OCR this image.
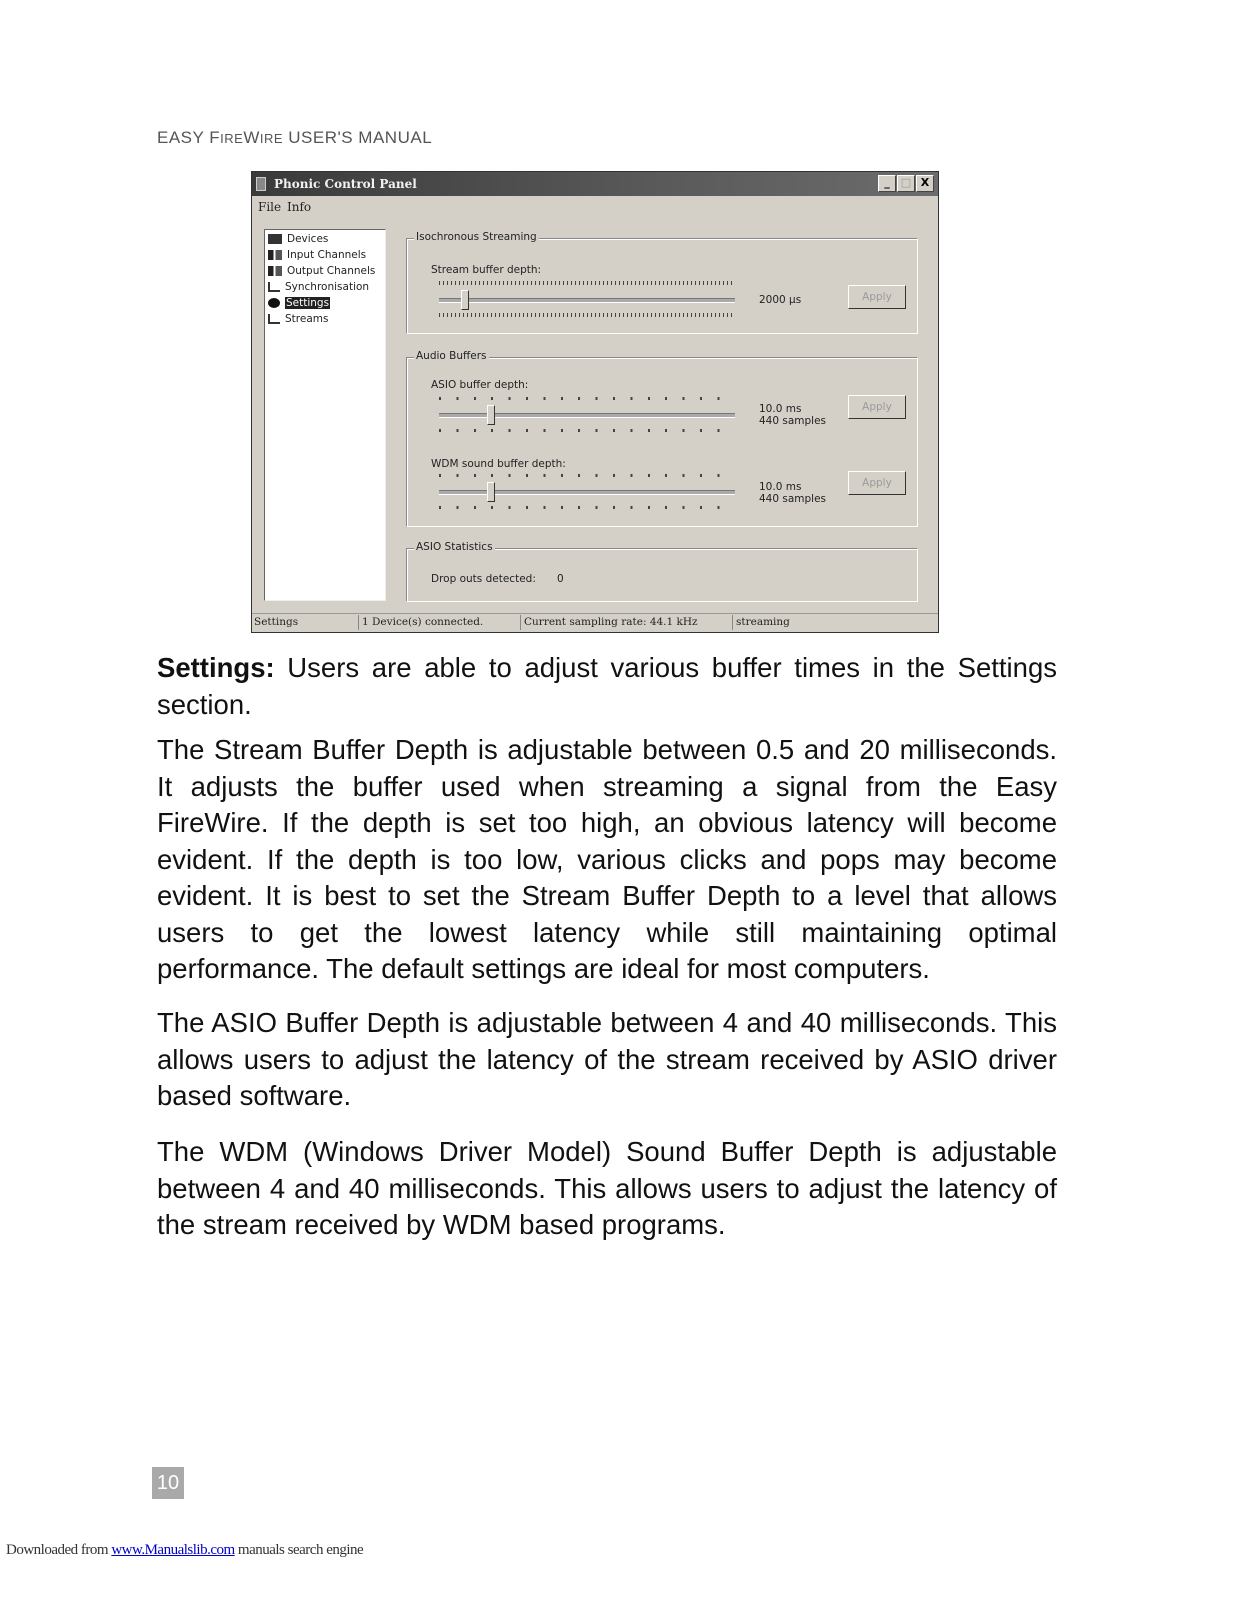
EASY FIREWIRE USER'S MANUAL
Phonic Control Panel	_	□ X
File Info
Devices
Input Channels
Output Channels
Synchronisation
Settings
Streams
Isochronous Streaming
Stream buffer depth:
2000 µs	Apply
Audio Buffers
ASIO buffer depth:
10.0 ms
440 samples
Apply
WDM sound buffer depth:
10.0 ms
440 samples
Apply
ASIO Statistics
Drop outs detected: 0
Settings	1 Device(s) connected.	Current sampling rate: 44.1 kHz	streaming

Settings: Users are able to adjust various buffer times in the Settings section.

The Stream Buffer Depth is adjustable between 0.5 and 20 milliseconds. It adjusts the buffer used when streaming a signal from the Easy FireWire. If the depth is set too high, an obvious latency will become evident. If the depth is too low, various clicks and pops may become evident. It is best to set the Stream Buffer Depth to a level that allows users to get the lowest latency while still maintaining optimal performance. The default settings are ideal for most computers.

The ASIO Buffer Depth is adjustable between 4 and 40 milliseconds. This allows users to adjust the latency of the stream received by ASIO driver based software.

The WDM (Windows Driver Model) Sound Buffer Depth is adjustable between 4 and 40 milliseconds. This allows users to adjust the latency of the stream received by WDM based programs.

10
Downloaded from www.Manualslib.com manuals search engine
